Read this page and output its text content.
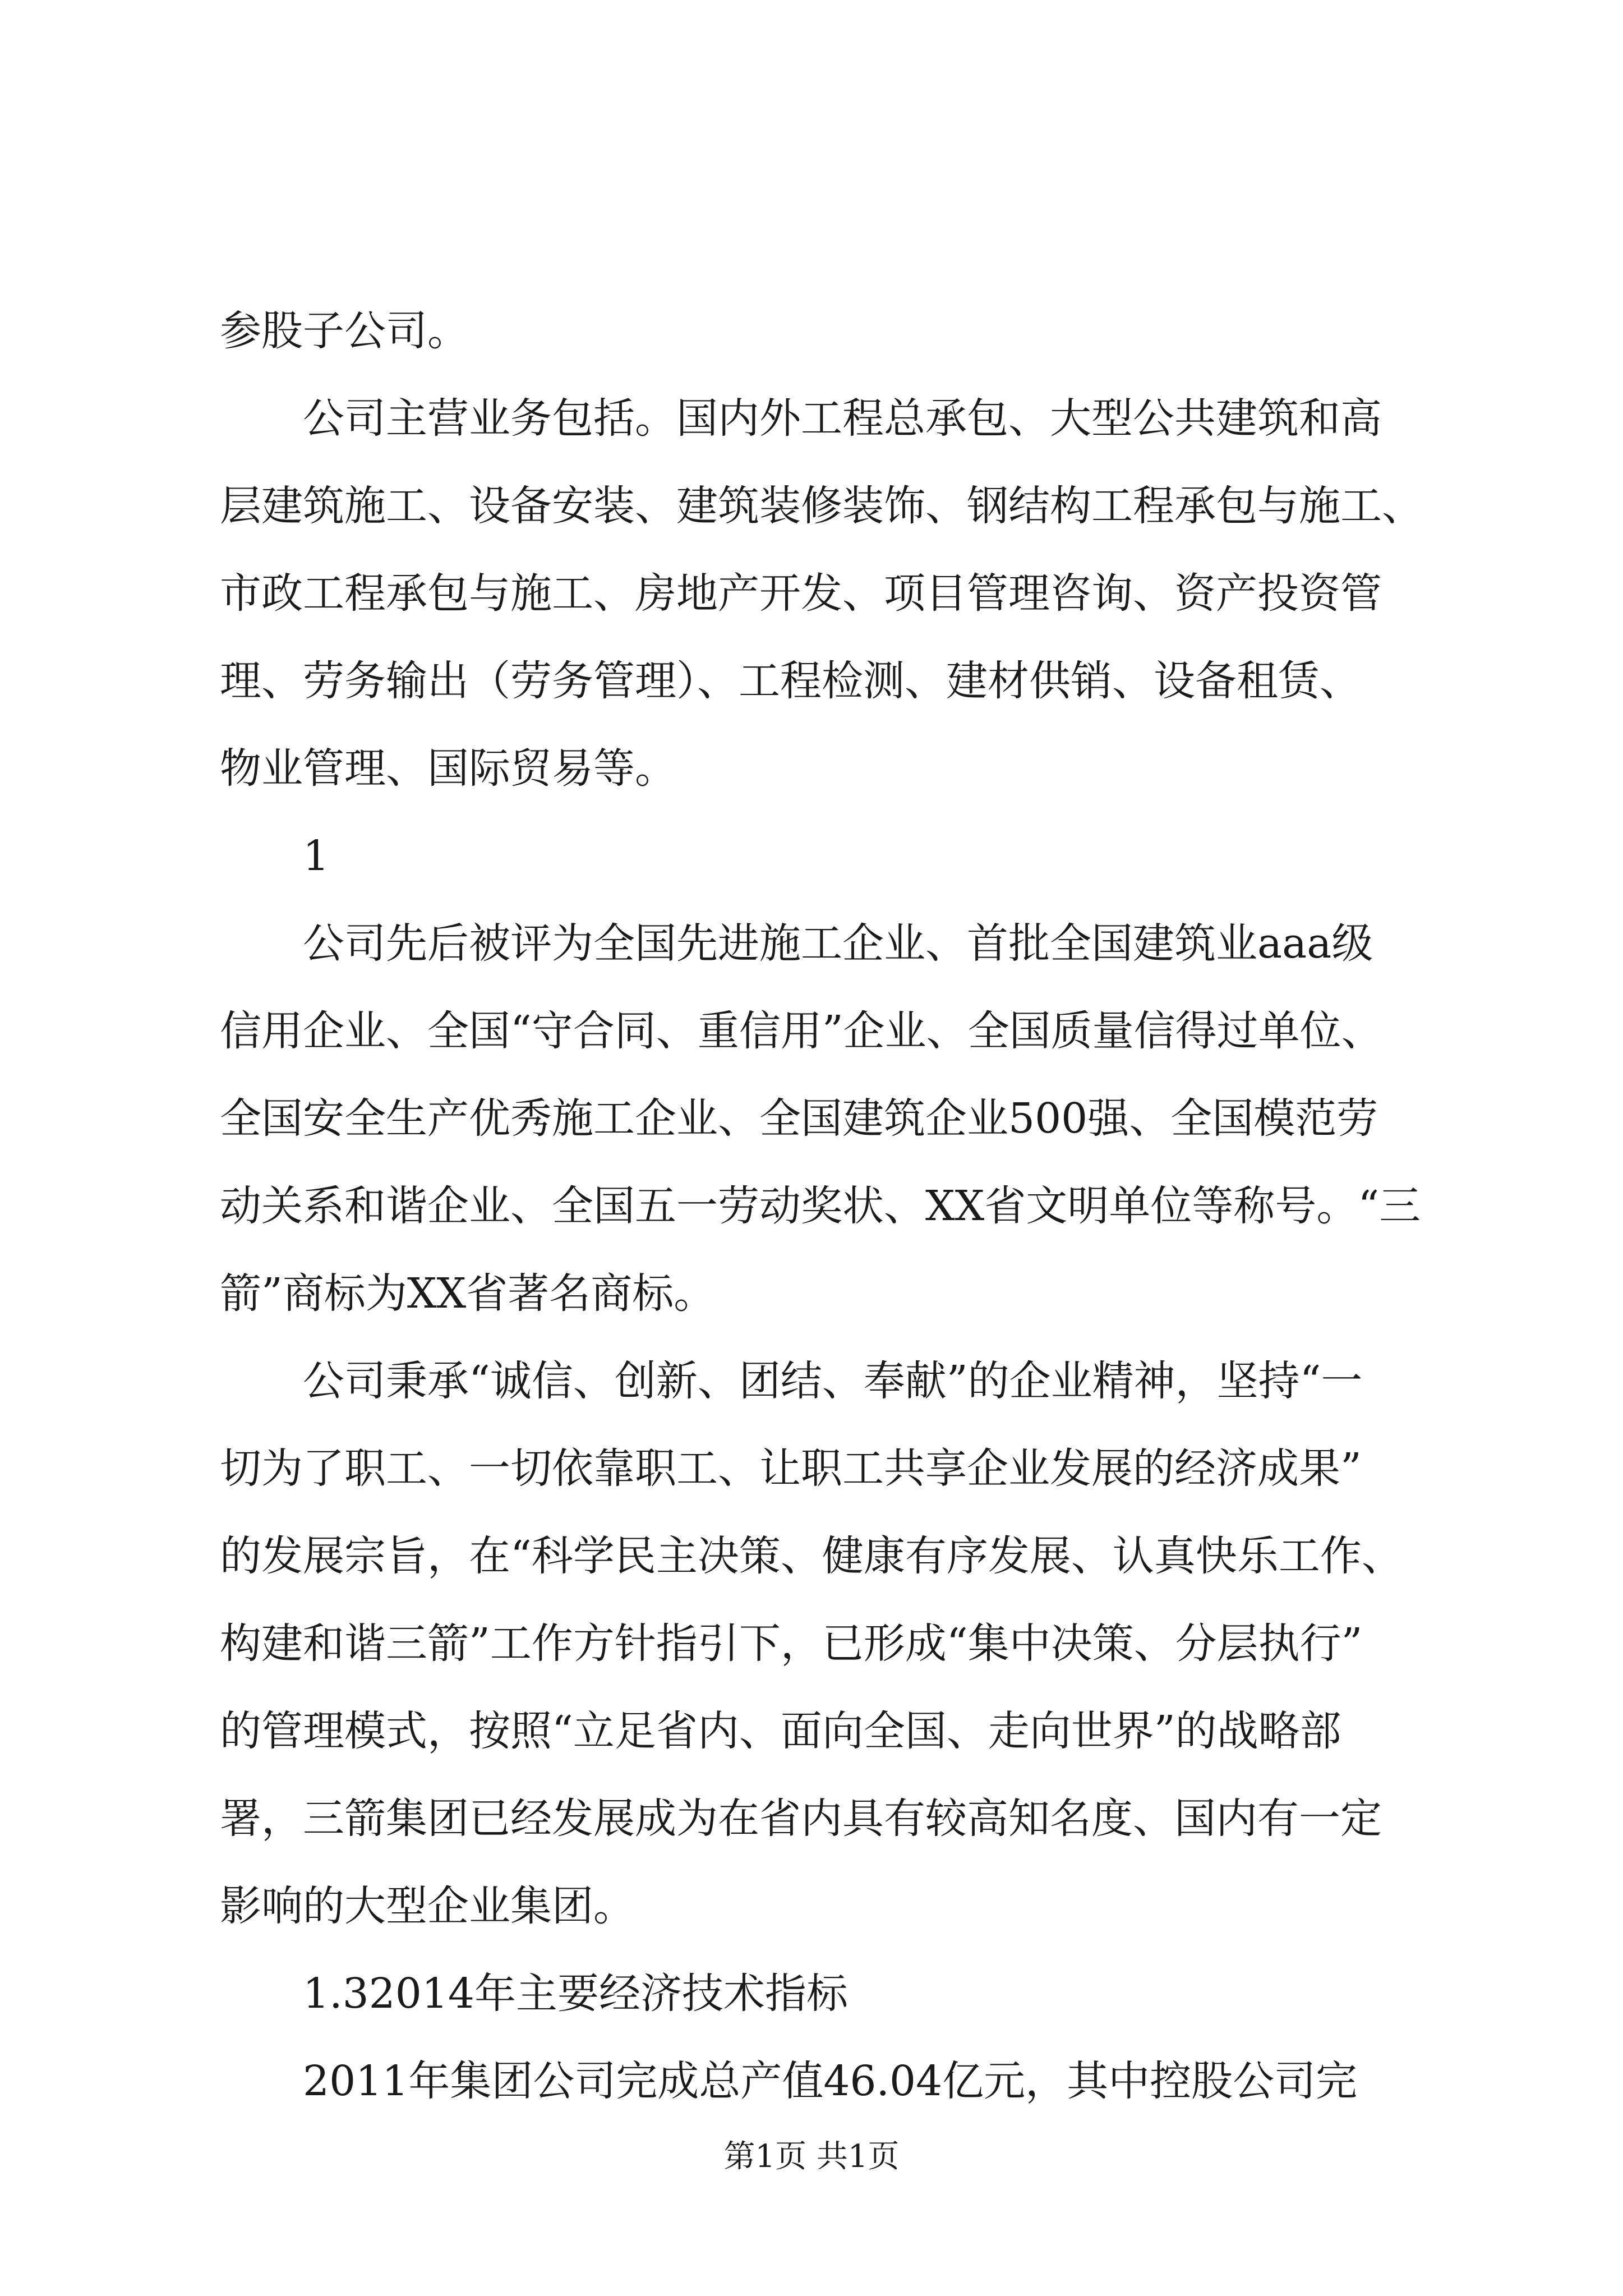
参股子公司。

公司主营业务包括。国内外工程总承包、大型公共建筑和高

层建筑施工、设备安装、建筑装修装饰、钢结构工程承包与施工、

市政工程承包与施工、房地产开发、项目管理咨询、资产投资管

理、劳务输出（劳务管理）、工程检测、建材供销、设备租赁、

物业管理、国际贸易等。

1

公司先后被评为全国先进施工企业、首批全国建筑业aaa级

信用企业、全国“守合同、重信用”企业、全国质量信得过单位、

全国安全生产优秀施工企业、全国建筑企业500强、全国模范劳

动关系和谐企业、全国五一劳动奖状、XX省文明单位等称号。“三

箭”商标为XX省著名商标。

公司秉承“诚信、创新、团结、奉献”的企业精神，坚持“一

切为了职工、一切依靠职工、让职工共享企业发展的经济成果”

的发展宗旨，在“科学民主决策、健康有序发展、认真快乐工作、

构建和谐三箭”工作方针指引下，已形成“集中决策、分层执行”

的管理模式，按照“立足省内、面向全国、走向世界”的战略部

署，三箭集团已经发展成为在省内具有较高知名度、国内有一定

影响的大型企业集团。

1.32014年主要经济技术指标

2011年集团公司完成总产值46.04亿元，其中控股公司完

第1页 共1页
